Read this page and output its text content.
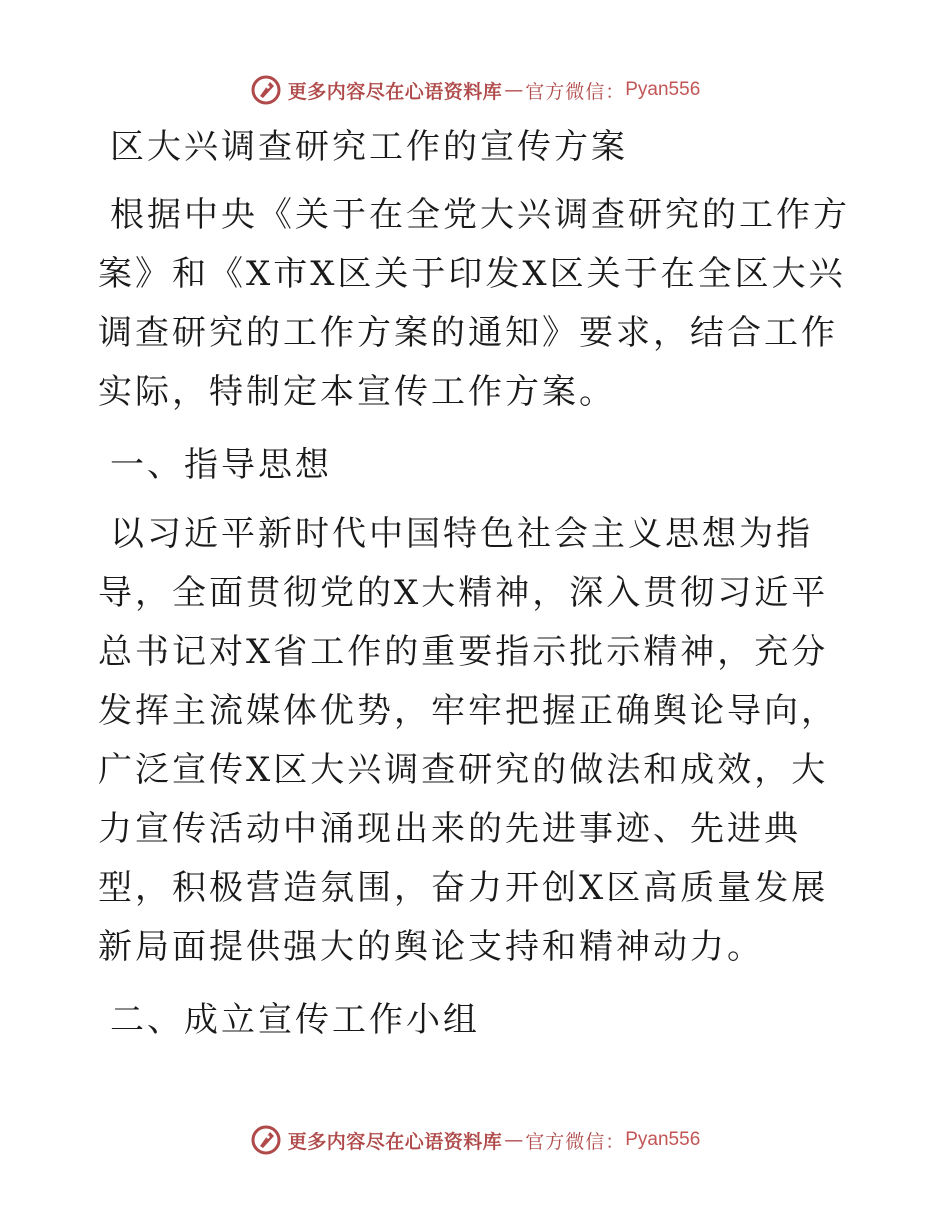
更多内容尽在心语资料库 — 官方微信： Pyan556
区大兴调查研究工作的宣传方案

根据中央《关于在全党大兴调查研究的工作方案》和《X市X区关于印发X区关于在全区大兴调查研究的工作方案的通知》要求，结合工作实际，特制定本宣传工作方案。

一、指导思想

以习近平新时代中国特色社会主义思想为指导，全面贯彻党的X大精神，深入贯彻习近平总书记对X省工作的重要指示批示精神，充分发挥主流媒体优势，牢牢把握正确舆论导向，广泛宣传X区大兴调查研究的做法和成效，大力宣传活动中涌现出来的先进事迹、先进典型，积极营造氛围，奋力开创X区高质量发展新局面提供强大的舆论支持和精神动力。

二、成立宣传工作小组
更多内容尽在心语资料库 — 官方微信： Pyan556
